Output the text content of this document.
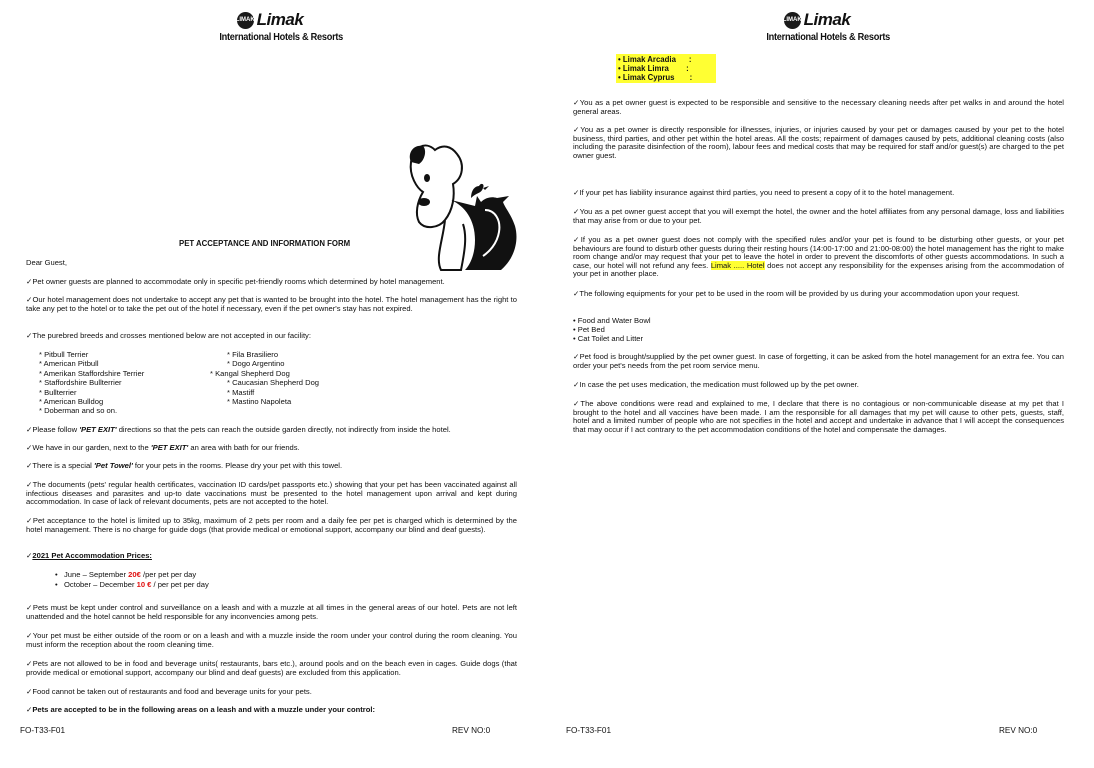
LIMAK Limak
International Hotels & Resorts
PET ACCEPTANCE AND INFORMATION FORM
Dear Guest,
✓Pet owner guests are planned to accommodate only in specific pet-friendly rooms which determined by hotel management.
✓Our hotel management does not undertake to accept any pet that is wanted to be brought into the hotel. The hotel management has the right to take any pet to the hotel or to take the pet out of the hotel if necessary, even if the pet owner's stay has not expired.
✓The purebred breeds and crosses mentioned below are not accepted in our facility:
* Pitbull Terrier
* American Pitbull
* Amerikan Staffordshire Terrier
* Staffordshire Bullterrier
* Bullterrier
* American Bulldog
* Doberman and so on.
* Fila Brasiliero
* Dogo Argentino
* Kangal Shepherd Dog
* Caucasian Shepherd Dog
* Mastiff
* Mastino Napoleta
✓Please follow 'PET EXIT' directions so that the pets can reach the outside garden directly, not indirectly from inside the hotel.
✓We have in our garden, next to the 'PET EXIT' an area with bath for our friends.
✓There is a special 'Pet Towel' for your pets in the rooms. Please dry your pet with this towel.
✓The documents (pets' regular health certificates, vaccination ID cards/pet passports etc.) showing that your pet has been vaccinated against all infectious diseases and parasites and up-to date vaccinations must be presented to the hotel management upon arrival and kept during accommodation. In case of lack of relevant documents, pets are not accepted to the hotel.
✓Pet acceptance to the hotel is limited up to 35kg, maximum of 2 pets per room and a daily fee per pet is charged which is determined by the hotel management. There is no charge for guide dogs (that provide medical or emotional support, accompany our blind and deaf guests).
✓2021 Pet Accommodation Prices:
•   June – September 20€ /per pet per day
•   October – December 10 € / per pet per day
✓Pets must be kept under control and surveillance on a leash and with a muzzle at all times in the general areas of our hotel. Pets are not left unattended and the hotel cannot be held responsible for any inconvencies among pets.
✓Your pet must be either outside of the room or on a leash and with a muzzle inside the room under your control during the room cleaning. You must inform the reception about the room cleaning time.
✓Pets are not allowed to be in food and beverage units( restaurants, bars etc.), around pools and on the beach even in cages. Guide dogs (that provide medical or emotional support, accompany our blind and deaf guests) are excluded from this application.
✓Food cannot be taken out of restaurants and food and beverage units for your pets.
✓Pets are accepted to be in the following areas on a leash and with a muzzle under your control:
FO-T33-F01	REV NO:0
LIMAK Limak
International Hotels & Resorts
• Limak Arcadia      :
• Limak Limra        :
• Limak Cyprus       :
✓You as a pet owner guest is expected to be responsible and sensitive to the necessary cleaning needs after pet walks in and around the hotel general areas.
✓You as a pet owner is directly responsible for illnesses, injuries, or injuries caused by your pet or damages caused by your pet to the hotel business, third parties, and other pet within the hotel areas. All the costs; repairment of damages caused by pets, additional cleaning costs (also including the parasite disinfection of the room), labour fees and medical costs that may be required for staff and/or guest(s) are charged to the pet owner guest.
✓If your pet has liability insurance against third parties, you need to present a copy of it to the hotel management.
✓You as a pet owner guest accept that you will exempt the hotel, the owner and the hotel affiliates from any personal damage, loss and liabilities that may arise from or due to your pet.
✓If you as a pet owner guest does not comply with the specified rules and/or your pet is found to be disturbing other guests, or your pet behaviours are found to disturb other guests during their resting hours (14:00-17:00 and 21:00-08:00) the hotel management has the right to make room change and/or may request that your pet to leave the hotel in order to prevent the discomforts of other guests accommodations. In such a case, our hotel will not refund any fees. Limak ..... Hotel does not accept any responsibility for the expenses arising from the accommodation of your pet in another place.
✓The following equipments for your pet to be used in the room will be provided by us during your accommodation upon your request.
• Food and Water Bowl
• Pet Bed
• Cat Toilet and Litter
✓Pet food is brought/supplied by the pet owner guest. In case of forgetting, it can be asked from the hotel management for an extra fee. You can order your pet's needs from the pet room service menu.
✓In case the pet uses medication, the medication must followed up by the pet owner.
✓The above conditions were read and explained to me, I declare that there is no contagious or non-communicable disease at my pet that I brought to the hotel and all vaccines have been made. I am the responsible for all damages that my pet will cause to other pets, guests, staff, hotel and a limited number of people who are not specifies in the hotel and accept and undertake in advance that I will accept the consequences that may occur if I act contrary to the pet accommodation conditions of the hotel and compensate the damages.
FO-T33-F01	REV NO:0
